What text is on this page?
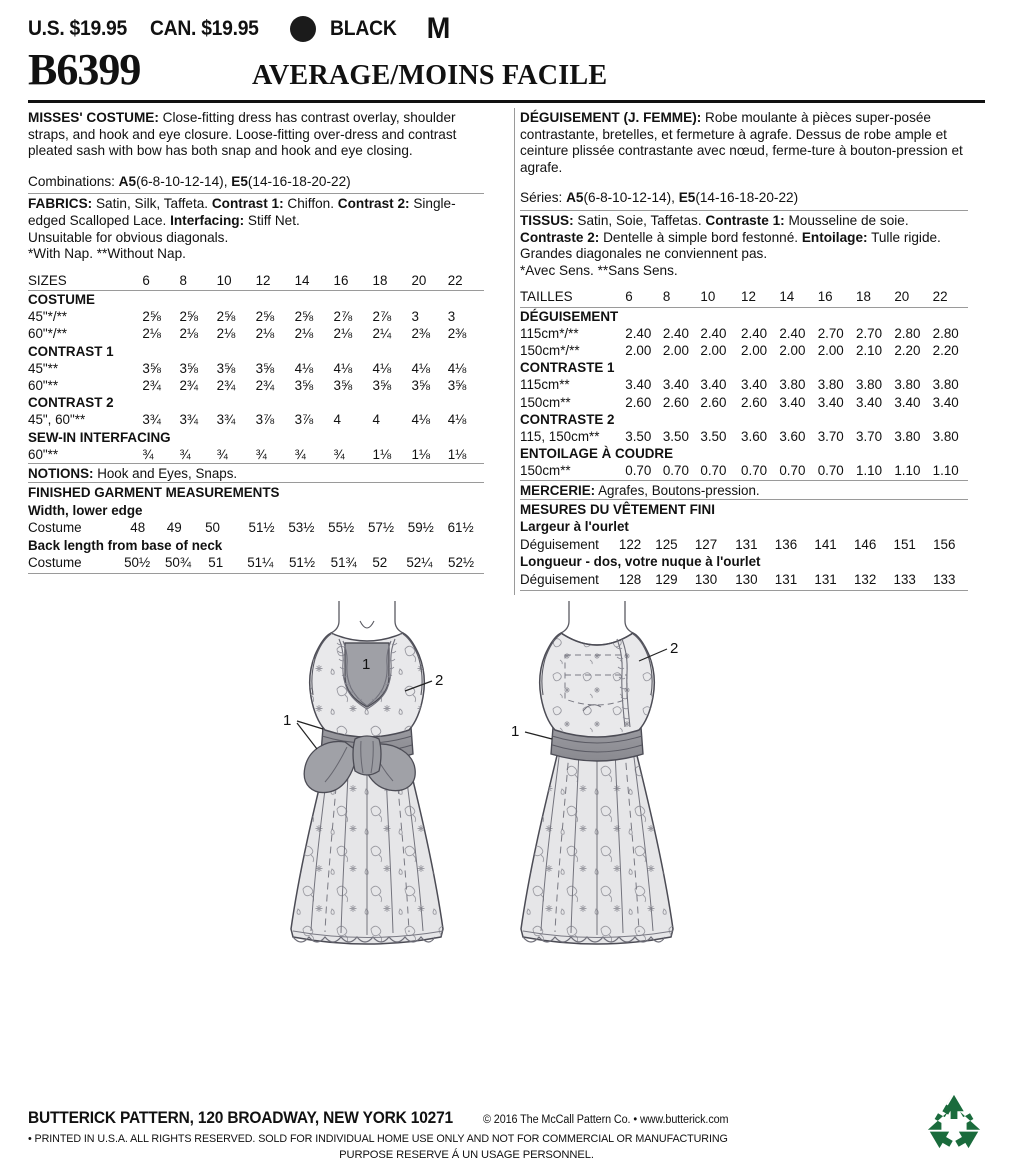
U.S. $19.95 CAN. $19.95	BLACK M
B6399	AVERAGE/MOINS FACILE
MISSES' COSTUME: Close-fitting dress has contrast overlay, shoulder straps, and hook and eye closure. Loose-fitting over-dress and contrast pleated sash with bow has both snap and hook and eye closing.
Combinations: A5(6-8-10-12-14), E5(14-16-18-20-22)
FABRICS: Satin, Silk, Taffeta. Contrast 1: Chiffon. Contrast 2: Single-edged Scalloped Lace. Interfacing: Stiff Net.
Unsuitable for obvious diagonals.
*With Nap. **Without Nap.
SIZES	6	8	10	12	14	16	18	20	22
COSTUME									
45"*/**	2⅝	2⅝	2⅝	2⅝	2⅝	2⅞	2⅞	3	3
60"*/**	2⅛	2⅛	2⅛	2⅛	2⅛	2⅛	2¼	2⅜	2⅜
CONTRAST 1									
45"**	3⅝	3⅝	3⅝	3⅝	4⅛	4⅛	4⅛	4⅛	4⅛
60"**	2¾	2¾	2¾	2¾	3⅝	3⅝	3⅝	3⅝	3⅝
CONTRAST 2									
45", 60"**	3¾	3¾	3¾	3⅞	3⅞	4	4	4⅛	4⅛
SEW-IN INTERFACING									
60"**	¾	¾	¾	¾	¾	¾	1⅛	1⅛	1⅛
NOTIONS: Hook and Eyes, Snaps.
FINISHED GARMENT MEASUREMENTS
Width, lower edge
Costume	48	49	50	51½	53½	55½	57½	59½	61½
Back length from base of neck
Costume	50½	50¾	51	51¼	51½	51¾	52	52¼	52½
DÉGUISEMENT (J. FEMME): Robe moulante à pièces super-posée contrastante, bretelles, et fermeture à agrafe. Dessus de robe ample et ceinture plissée contrastante avec nœud, ferme-ture à bouton-pression et agrafe.
Séries: A5(6-8-10-12-14), E5(14-16-18-20-22)
TISSUS: Satin, Soie, Taffetas. Contraste 1: Mousseline de soie. Contraste 2: Dentelle à simple bord festonné. Entoilage: Tulle rigide.
Grandes diagonales ne conviennent pas.
*Avec Sens. **Sans Sens.
TAILLES	6	8	10	12	14	16	18	20	22
DÉGUISEMENT									
115cm*/**	2.40	2.40	2.40	2.40	2.40	2.70	2.70	2.80	2.80
150cm*/**	2.00	2.00	2.00	2.00	2.00	2.00	2.10	2.20	2.20
CONTRASTE 1									
115cm**	3.40	3.40	3.40	3.40	3.80	3.80	3.80	3.80	3.80
150cm**	2.60	2.60	2.60	2.60	3.40	3.40	3.40	3.40	3.40
CONTRASTE 2									
115, 150cm**	3.50	3.50	3.50	3.60	3.60	3.70	3.70	3.80	3.80
ENTOILAGE À COUDRE									
150cm**	0.70	0.70	0.70	0.70	0.70	0.70	1.10	1.10	1.10
MERCERIE: Agrafes, Boutons-pression.
MESURES DU VÊTEMENT FINI
Largeur à l'ourlet
Déguisement	122	125	127	131	136	141	146	151	156
Longueur - dos, votre nuque à l'ourlet
Déguisement	128	129	130	130	131	131	132	133	133
2
1
1
2
1
BUTTERICK PATTERN, 120 BROADWAY, NEW YORK 10271	© 2016 The McCall Pattern Co. • www.butterick.com
• PRINTED IN U.S.A. ALL RIGHTS RESERVED. SOLD FOR INDIVIDUAL HOME USE ONLY AND NOT FOR COMMERCIAL OR MANUFACTURING
PURPOSE RESERVE Á UN USAGE PERSONNEL.
